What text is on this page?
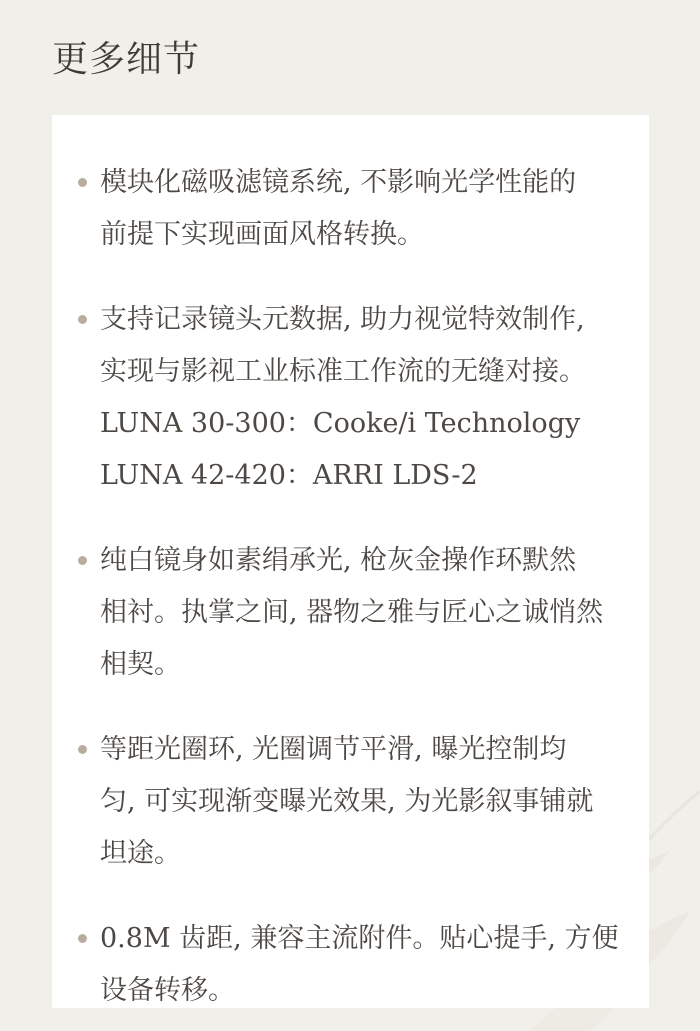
更多细节
模块化磁吸滤镜系统, 不影响光学性能的
前提下实现画面风格转换。
支持记录镜头元数据, 助力视觉特效制作,
实现与影视工业标准工作流的无缝对接。
LUNA 30-300：Cooke/i Technology
LUNA 42-420：ARRI LDS-2
纯白镜身如素绢承光, 枪灰金操作环默然
相衬。执掌之间, 器物之雅与匠心之诚悄然
相契。
等距光圈环, 光圈调节平滑, 曝光控制均
匀, 可实现渐变曝光效果, 为光影叙事铺就
坦途。
0.8M 齿距, 兼容主流附件。贴心提手, 方便
设备转移。
